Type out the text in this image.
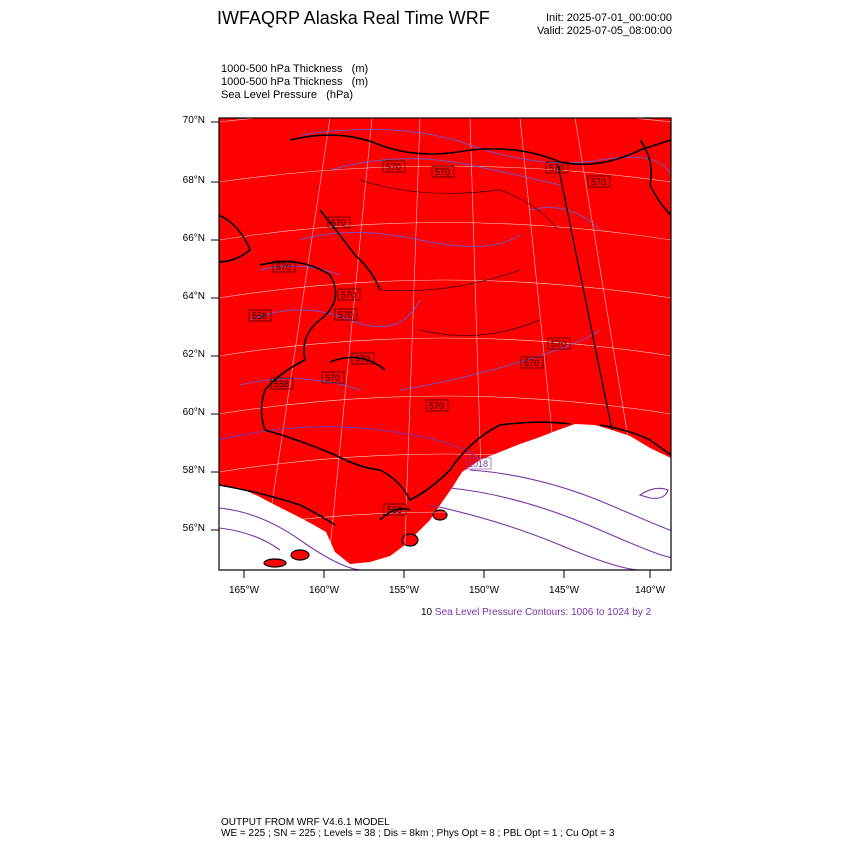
IWFAQRP Alaska Real Time WRF	Init: 2025-07-01_00:00:00
Valid: 2025-07-05_08:00:00
1000-500 hPa Thickness (m)
1000-500 hPa Thickness (m)
Sea Level Pressure (hPa)
570	570	570
570
570
570
570
570
570
570
558
558
558
570
570
570
1018
70°N
68°N
66°N
64°N
62°N
60°N
58°N
56°N
165°W	160°W	155°W	150°W	145°W	140°W
10 Sea Level Pressure Contours: 1006 to 1024 by 2
OUTPUT FROM WRF V4.6.1 MODEL
WE = 225 ; SN = 225 ; Levels = 38 ; Dis = 8km ; Phys Opt = 8 ; PBL Opt = 1 ; Cu Opt = 3
